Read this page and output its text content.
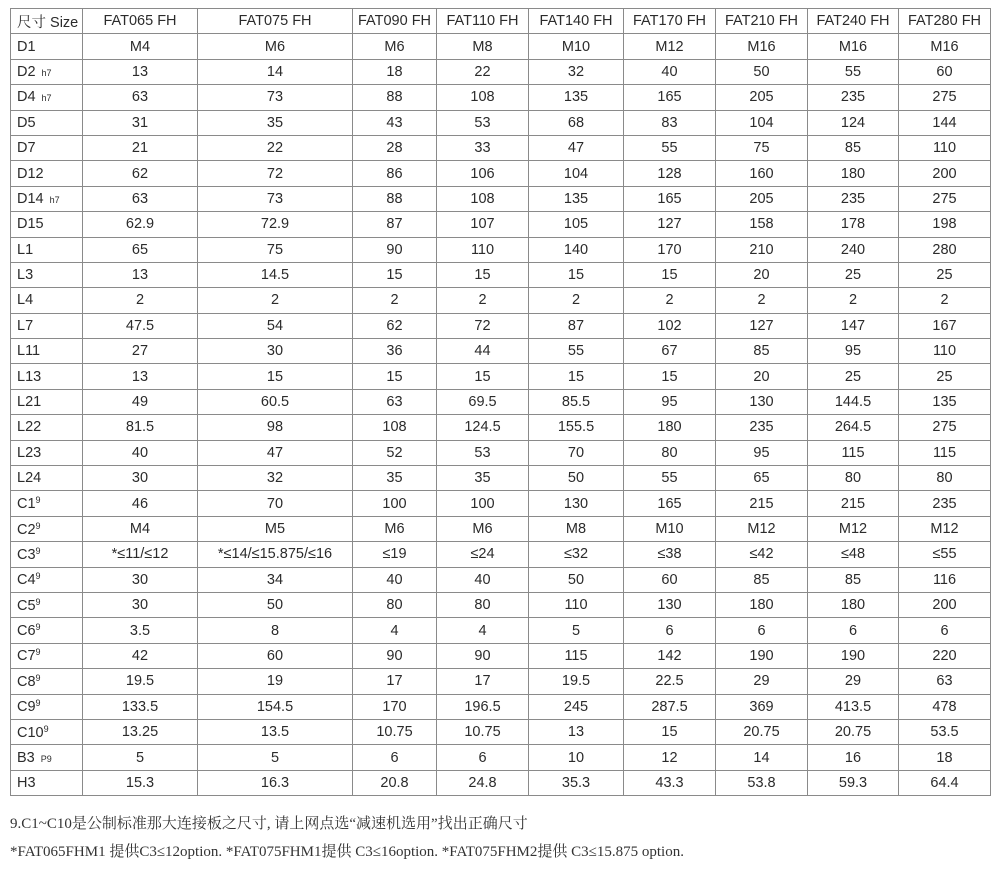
尺寸 Size	FAT065 FH	FAT075 FH	FAT090 FH	FAT110 FH	FAT140 FH	FAT170 FH	FAT210 FH	FAT240 FH	FAT280 FH
D1	M4	M6	M6	M8	M10	M12	M16	M16	M16
D2 h7	13	14	18	22	32	40	50	55	60
D4 h7	63	73	88	108	135	165	205	235	275
D5	31	35	43	53	68	83	104	124	144
D7	21	22	28	33	47	55	75	85	110
D12	62	72	86	106	104	128	160	180	200
D14 h7	63	73	88	108	135	165	205	235	275
D15	62.9	72.9	87	107	105	127	158	178	198
L1	65	75	90	110	140	170	210	240	280
L3	13	14.5	15	15	15	15	20	25	25
L4	2	2	2	2	2	2	2	2	2
L7	47.5	54	62	72	87	102	127	147	167
L11	27	30	36	44	55	67	85	95	110
L13	13	15	15	15	15	15	20	25	25
L21	49	60.5	63	69.5	85.5	95	130	144.5	135
L22	81.5	98	108	124.5	155.5	180	235	264.5	275
L23	40	47	52	53	70	80	95	115	115
L24	30	32	35	35	50	55	65	80	80
$C1^9$	46	70	100	100	130	165	215	215	235
$C2^9$	M4	M5	M6	M6	M8	M10	M12	M12	M12
$C3^9$	*≤11/≤12	*≤14/≤15.875/≤16	≤19	≤24	≤32	≤38	≤42	≤48	≤55
$C4^9$	30	34	40	40	50	60	85	85	116
$C5^9$	30	50	80	80	110	130	180	180	200
$C6^9$	3.5	8	4	4	5	6	6	6	6
$C7^9$	42	60	90	90	115	142	190	190	220
$C8^9$	19.5	19	17	17	19.5	22.5	29	29	63
$C9^9$	133.5	154.5	170	196.5	245	287.5	369	413.5	478
$C10^9$	13.25	13.5	10.75	10.75	13	15	20.75	20.75	53.5
B3 P9	5	5	6	6	10	12	14	16	18
H3	15.3	16.3	20.8	24.8	35.3	43.3	53.8	59.3	64.4
9.C1~C10是公制标准那大连接板之尺寸, 请上网点选“减速机选用”找出正确尺寸
*FAT065FHM1 提供C3≤12option. *FAT075FHM1提供 C3≤16option. *FAT075FHM2提供 C3≤15.875 option.
